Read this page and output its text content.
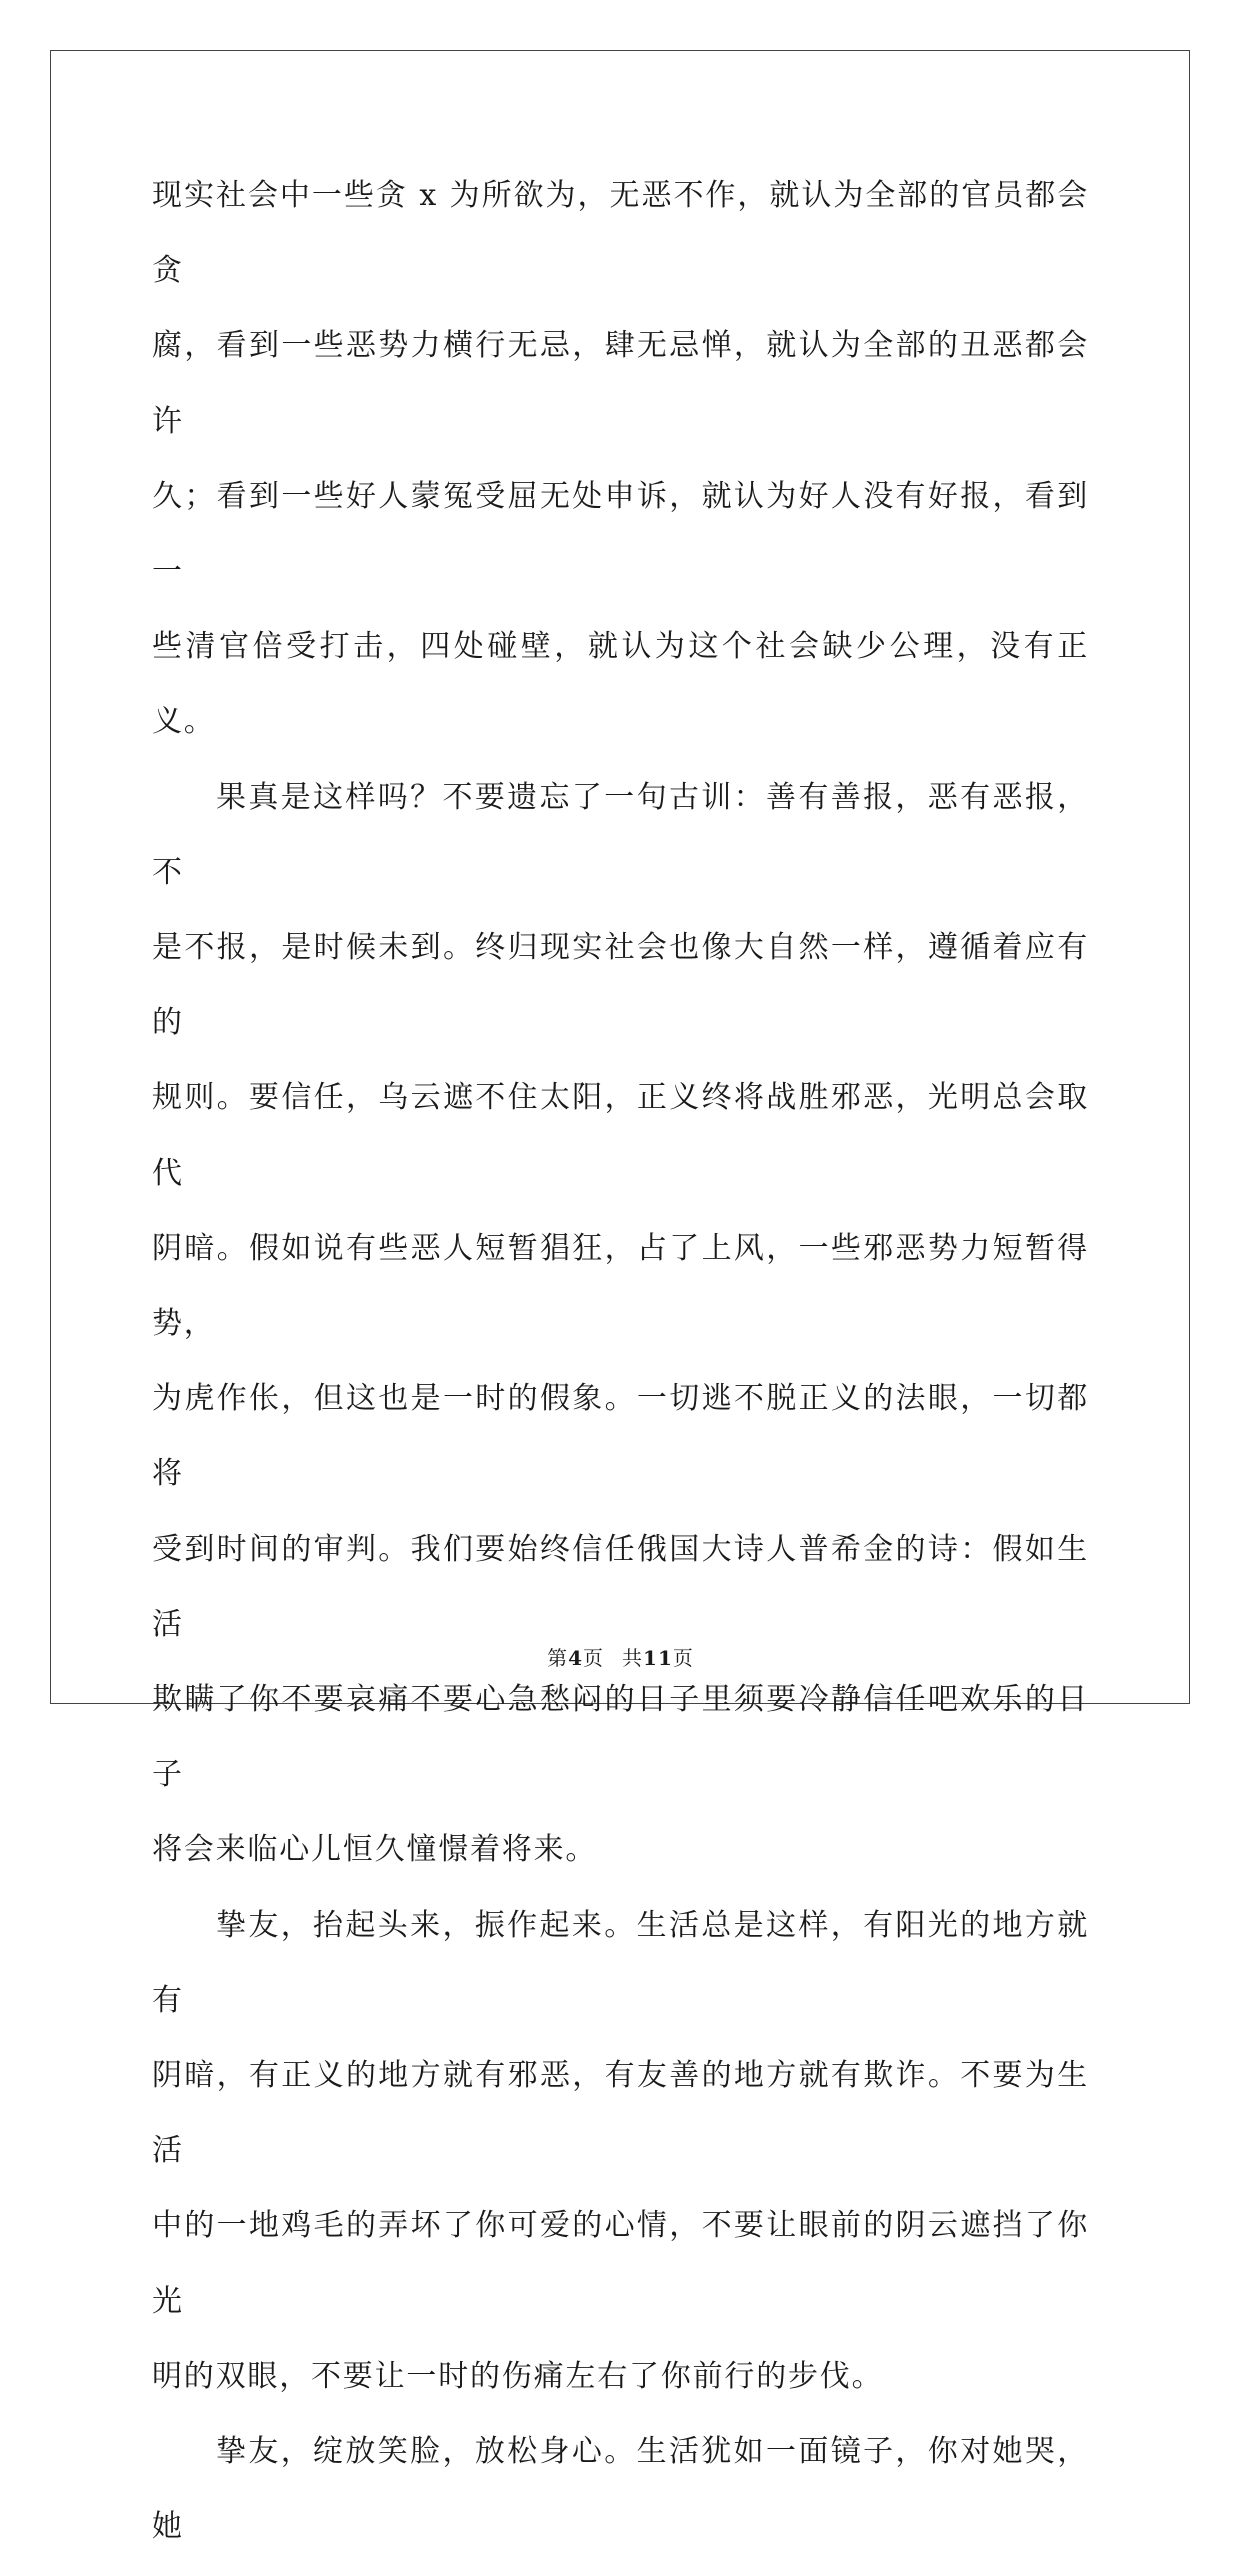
现实社会中一些贪 x 为所欲为，无恶不作，就认为全部的官员都会贪
腐，看到一些恶势力横行无忌，肆无忌惮，就认为全部的丑恶都会许
久；看到一些好人蒙冤受屈无处申诉，就认为好人没有好报，看到一
些清官倍受打击，四处碰壁，就认为这个社会缺少公理，没有正义。

果真是这样吗？不要遗忘了一句古训：善有善报，恶有恶报，不
是不报，是时候未到。终归现实社会也像大自然一样，遵循着应有的
规则。要信任，乌云遮不住太阳，正义终将战胜邪恶，光明总会取代
阴暗。假如说有些恶人短暂猖狂，占了上风，一些邪恶势力短暂得势，
为虎作伥，但这也是一时的假象。一切逃不脱正义的法眼，一切都将
受到时间的审判。我们要始终信任俄国大诗人普希金的诗：假如生活
欺瞒了你不要哀痛不要心急愁闷的日子里须要冷静信任吧欢乐的日子
将会来临心儿恒久憧憬着将来。

挚友，抬起头来，振作起来。生活总是这样，有阳光的地方就有
阴暗，有正义的地方就有邪恶，有友善的地方就有欺诈。不要为生活
中的一地鸡毛的弄坏了你可爱的心情，不要让眼前的阴云遮挡了你光
明的双眼，不要让一时的伤痛左右了你前行的步伐。

挚友，绽放笑脸，放松身心。生活犹如一面镜子，你对她哭，她

第4页 共11页
